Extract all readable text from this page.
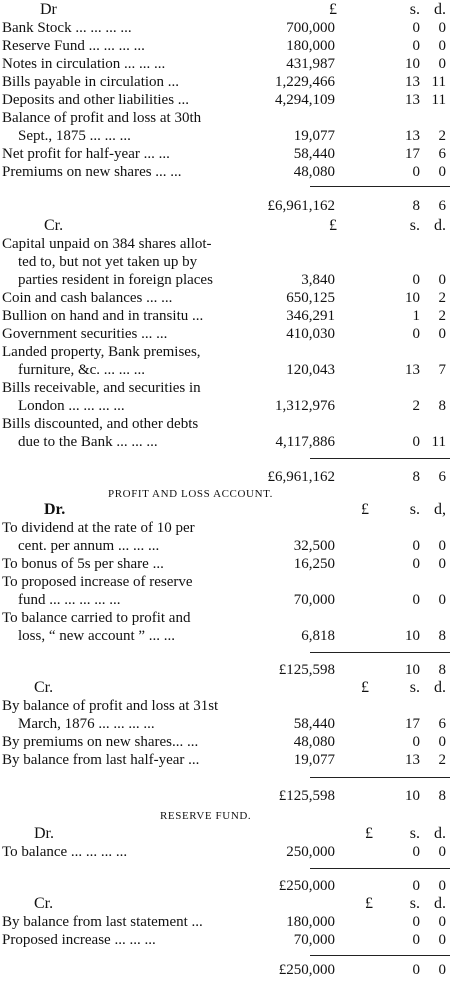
Dr	£	s. d.
Bank Stock ... ... ... ...	700,000	0	0
Reserve Fund ... ... ... ...	180,000	0	0
Notes in circulation ... ... ...	431,987	10	0
Bills payable in circulation ...	1,229,466	13 11
Deposits and other liabilities ...	4,294,109	13 11
Balance of profit and loss at 30th
Sept., 1875 ... ... ...	19,077	13	2
Net profit for half-year ... ...	58,440	17	6
Premiums on new shares ... ...	48,080	0	0
£6,961,162	8	6
Cr.	£	s. d.
Capital unpaid on 384 shares allot-
ted to, but not yet taken up by
parties resident in foreign places	3,840	0	0
Coin and cash balances ... ...	650,125	10	2
Bullion on hand and in transitu ...	346,291	1	2
Government securities ... ...	410,030	0	0
Landed property, Bank premises,
furniture, &c. ... ... ...	120,043	13	7
Bills receivable, and securities in
London ... ... ... ...	1,312,976	2	8
Bills discounted, and other debts
due to the Bank ... ... ...	4,117,886	0 11
£6,961,162	8	6
PROFIT AND LOSS ACCOUNT.
Dr.	£	s. d,
To dividend at the rate of 10 per
cent. per annum ... ... ...	32,500	0	0
To bonus of 5s per share ...	16,250	0	0
To proposed increase of reserve
fund ... ... ... ... ...	70,000	0	0
To balance carried to profit and
loss, “ new account ” ... ...	6,818	10	8
£125,598	10	8
Cr.	£	s. d.
By balance of profit and loss at 31st
March, 1876 ... ... ... ...	58,440	17	6
By premiums on new shares... ...	48,080	0	0
By balance from last half-year ...	19,077	13	2
£125,598	10	8
RESERVE FUND.
Dr.	£	s. d.
To balance ... ... ... ...	250,000	0	0
£250,000	0	0
Cr.	£	s. d.
By balance from last statement ...	180,000	0	0
Proposed increase ... ... ...	70,000	0	0
£250,000	0	0
